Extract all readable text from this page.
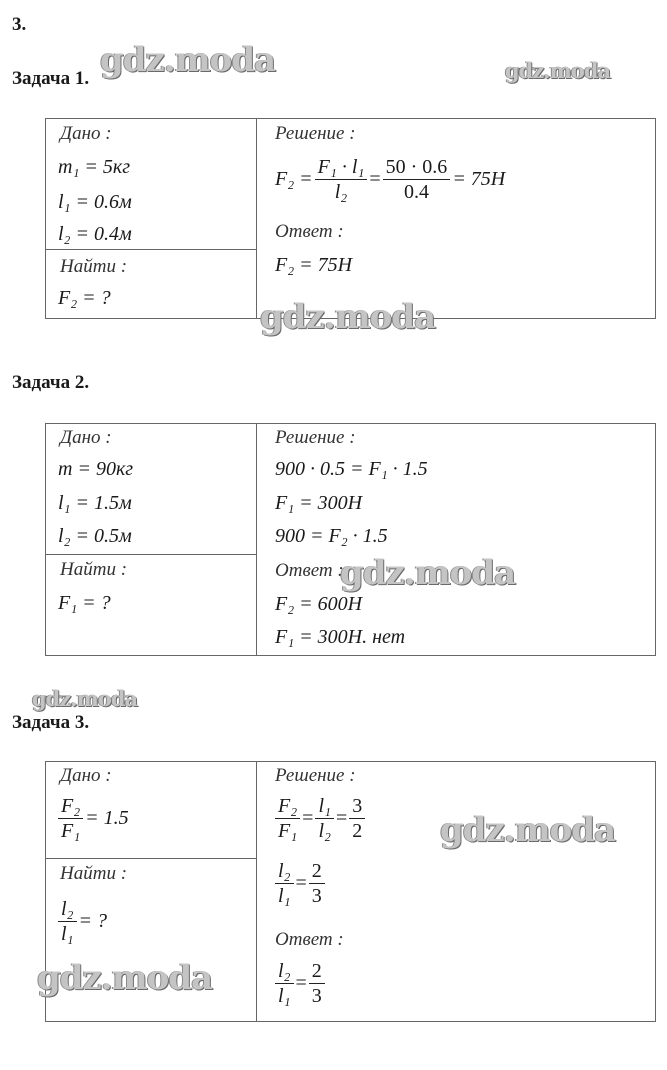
3.
Задача 1.
Дано :
m₁ = 5кг
l₁ = 0.6м
l₂ = 0.4м
Найти :
F₂ = ?
Решение :
$F_2 = \frac{\text{F₁ · l₁}}{\text{l₂}} = \frac{50 \cdot 0.6}{0.4} = 75H$
Ответ :
F₂ = 75H
Задача 2.
Дано :
m = 90кг
l₁ = 1.5м
l₂ = 0.5м
Найти :
F₁ = ?
Решение :
900 · 0.5 = F₁ · 1.5
F₁ = 300H
900 = F₂ · 1.5
Ответ :
F₂ = 600H
F₁ = 300H. нет
Задача 3.
Дано :
$\frac{\text{F₂}}{\text{F₁}} = 1.5$
Найти :
$\frac{\text{l₂}}{\text{l₁}}$ = ?
Решение :
$\frac{\text{F₂}}{\text{F₁}} = \frac{\text{l₁}}{\text{l₂}} = \frac{3}{2}$
$\frac{\text{l₂}}{\text{l₁}} = \frac{2}{3}$
Ответ :
$\frac{\text{l₂}}{\text{l₁}} = \frac{2}{3}$
gdz.moda	gdz.moda
gdz.moda
gdz.moda
gdz.moda
gdz.moda
gdz.moda
